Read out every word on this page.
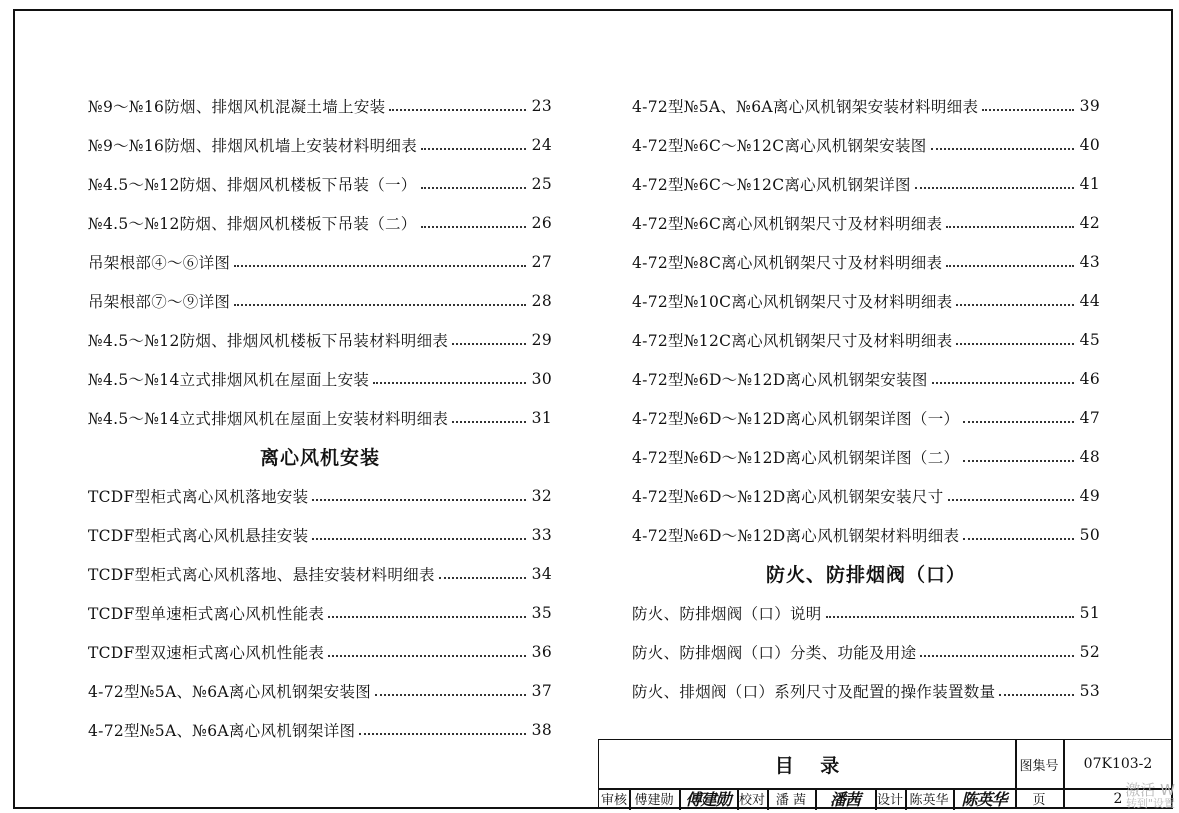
№9～№16防烟、排烟风机混凝土墙上安装	23
№9～№16防烟、排烟风机墙上安装材料明细表	24
№4.5～№12防烟、排烟风机楼板下吊装（一）	25
№4.5～№12防烟、排烟风机楼板下吊装（二）	26
吊架根部④～⑥详图	27
吊架根部⑦～⑨详图	28
№4.5～№12防烟、排烟风机楼板下吊装材料明细表	29
№4.5～№14立式排烟风机在屋面上安装	30
№4.5～№14立式排烟风机在屋面上安装材料明细表	31
离心风机安装
TCDF型柜式离心风机落地安装	32
TCDF型柜式离心风机悬挂安装	33
TCDF型柜式离心风机落地、悬挂安装材料明细表	34
TCDF型单速柜式离心风机性能表	35
TCDF型双速柜式离心风机性能表	36
4-72型№5A、№6A离心风机钢架安装图	37
4-72型№5A、№6A离心风机钢架详图	38
4-72型№5A、№6A离心风机钢架安装材料明细表	39
4-72型№6C～№12C离心风机钢架安装图	40
4-72型№6C～№12C离心风机钢架详图	41
4-72型№6C离心风机钢架尺寸及材料明细表	42
4-72型№8C离心风机钢架尺寸及材料明细表	43
4-72型№10C离心风机钢架尺寸及材料明细表	44
4-72型№12C离心风机钢架尺寸及材料明细表	45
4-72型№6D～№12D离心风机钢架安装图	46
4-72型№6D～№12D离心风机钢架详图（一）	47
4-72型№6D～№12D离心风机钢架详图（二）	48
4-72型№6D～№12D离心风机钢架安装尺寸	49
4-72型№6D～№12D离心风机钢架材料明细表	50
防火、防排烟阀（口）
防火、防排烟阀（口）说明	51
防火、防排烟阀（口）分类、功能及用途	52
防火、排烟阀（口）系列尺寸及配置的操作装置数量	53
目    录	图集号	07K103-2
审核 傅建勋 傅建勋 校对 潘 茜	潘茜	设计 陈英华 陈英华	页	2 激活 W
转到"设置
